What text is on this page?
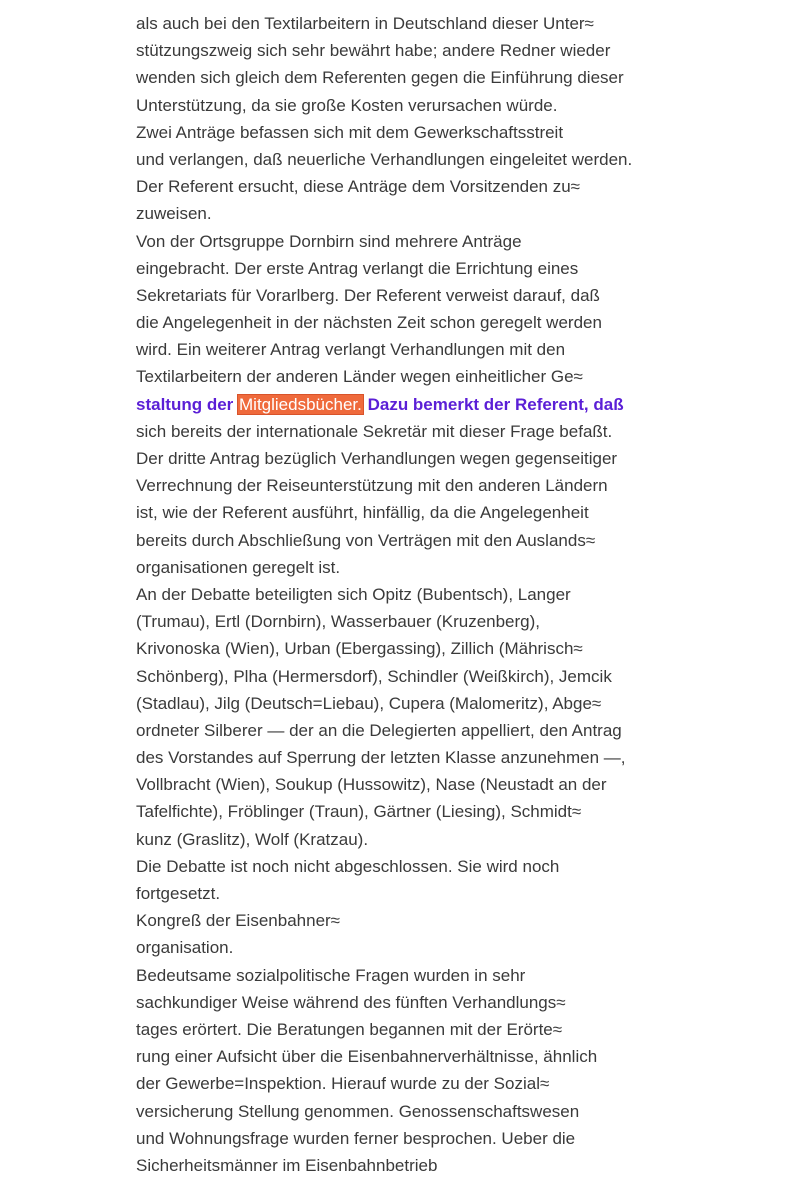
als auch bei den Textilarbeitern in Deutschland dieser Unter≈
stützungszweig sich sehr bewährt habe; andere Redner wieder
wenden sich gleich dem Referenten gegen die Einführung dieser
Unterstützung, da sie große Kosten verursachen würde.
Zwei Anträge befassen sich mit dem Gewerkschaftsstreit
und verlangen, daß neuerliche Verhandlungen eingeleitet werden.
Der Referent ersucht, diese Anträge dem Vorsitzenden zu≈
zuweisen.
Von der Ortsgruppe Dornbirn sind mehrere Anträge
eingebracht. Der erste Antrag verlangt die Errichtung eines
Sekretariats für Vorarlberg. Der Referent verweist darauf, daß
die Angelegenheit in der nächsten Zeit schon geregelt werden
wird. Ein weiterer Antrag verlangt Verhandlungen mit den
Textilarbeitern der anderen Länder wegen einheitlicher Ge≈
staltung der Mitgliedsbücher. Dazu bemerkt der Referent, daß
sich bereits der internationale Sekretär mit dieser Frage befaßt.
Der dritte Antrag bezüglich Verhandlungen wegen gegenseitiger
Verrechnung der Reiseunterstützung mit den anderen Ländern
ist, wie der Referent ausführt, hinfällig, da die Angelegenheit
bereits durch Abschließung von Verträgen mit den Auslands≈
organisationen geregelt ist.
An der Debatte beteiligten sich Opitz (Bubentsch), Langer
(Trumau), Ertl (Dornbirn), Wasserbauer (Kruzenberg),
Krivonoska (Wien), Urban (Ebergassing), Zillich (Mährisch≈
Schönberg), Plha (Hermersdorf), Schindler (Weißkirch), Jemcik
(Stadlau), Jilg (Deutsch=Liebau), Cupera (Malomeritz), Abge≈
ordneter Silberer — der an die Delegierten appelliert, den Antrag
des Vorstandes auf Sperrung der letzten Klasse anzunehmen —,
Vollbracht (Wien), Soukup (Hussowitz), Nase (Neustadt an der
Tafelfichte), Fröblinger (Traun), Gärtner (Liesing), Schmidt≈
kunz (Graslitz), Wolf (Kratzau).
Die Debatte ist noch nicht abgeschlossen. Sie wird noch
fortgesetzt.
Kongreß der Eisenbahner≈
organisation.
Bedeutsame sozialpolitische Fragen wurden in sehr
sachkundiger Weise während des fünften Verhandlungs≈
tages erörtert. Die Beratungen begannen mit der Erörte≈
rung einer Aufsicht über die Eisenbahnerverhältnisse, ähnlich
der Gewerbe=Inspektion. Hierauf wurde zu der Sozial≈
versicherung Stellung genommen. Genossenschaftswesen
und Wohnungsfrage wurden ferner besprochen. Ueber die
Sicherheitsmänner im Eisenbahnbetrieb
